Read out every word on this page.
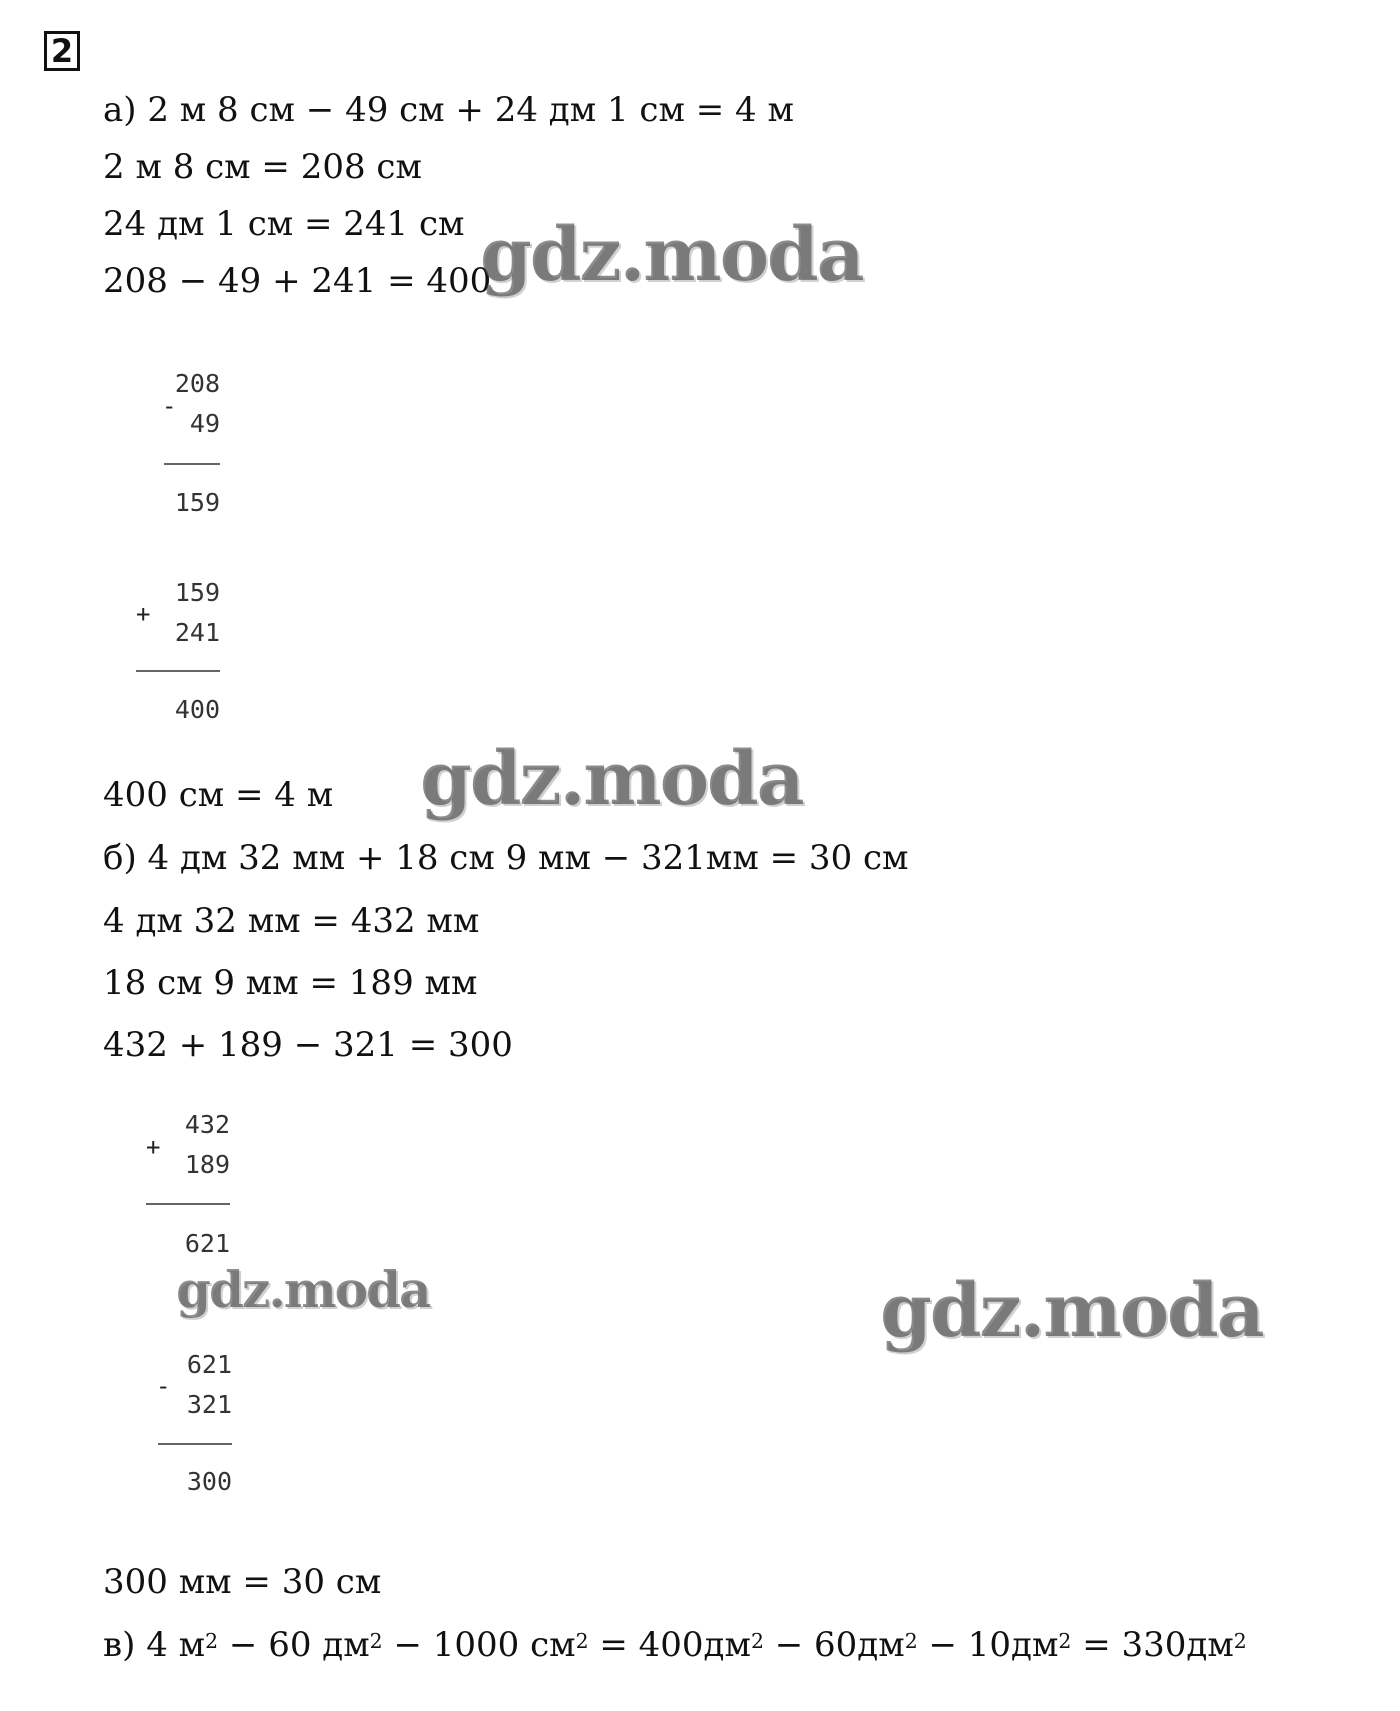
2
а) 2 м 8 см − 49 см + 24 дм 1 см = 4 м
2 м 8 см = 208 см
24 дм 1 см = 241 см
208 − 49 + 241 = 400
-
208
49
159
+
159
241
400
400 см = 4 м
б) 4 дм 32 мм + 18 см 9 мм − 321мм = 30 см
4 дм 32 мм = 432 мм
18 см 9 мм = 189 мм
432 + 189 − 321 = 300
+
432
189
621
-
621
321
300
300 мм = 30 см
в) 4 $м^2 - 60$ $дм^2 - 1000$ $см^2 = 400дм^2 - 60дм^2 - 10дм^2 = 330дм^2$
gdz.moda
gdz.moda
gdz.moda	gdz.moda
